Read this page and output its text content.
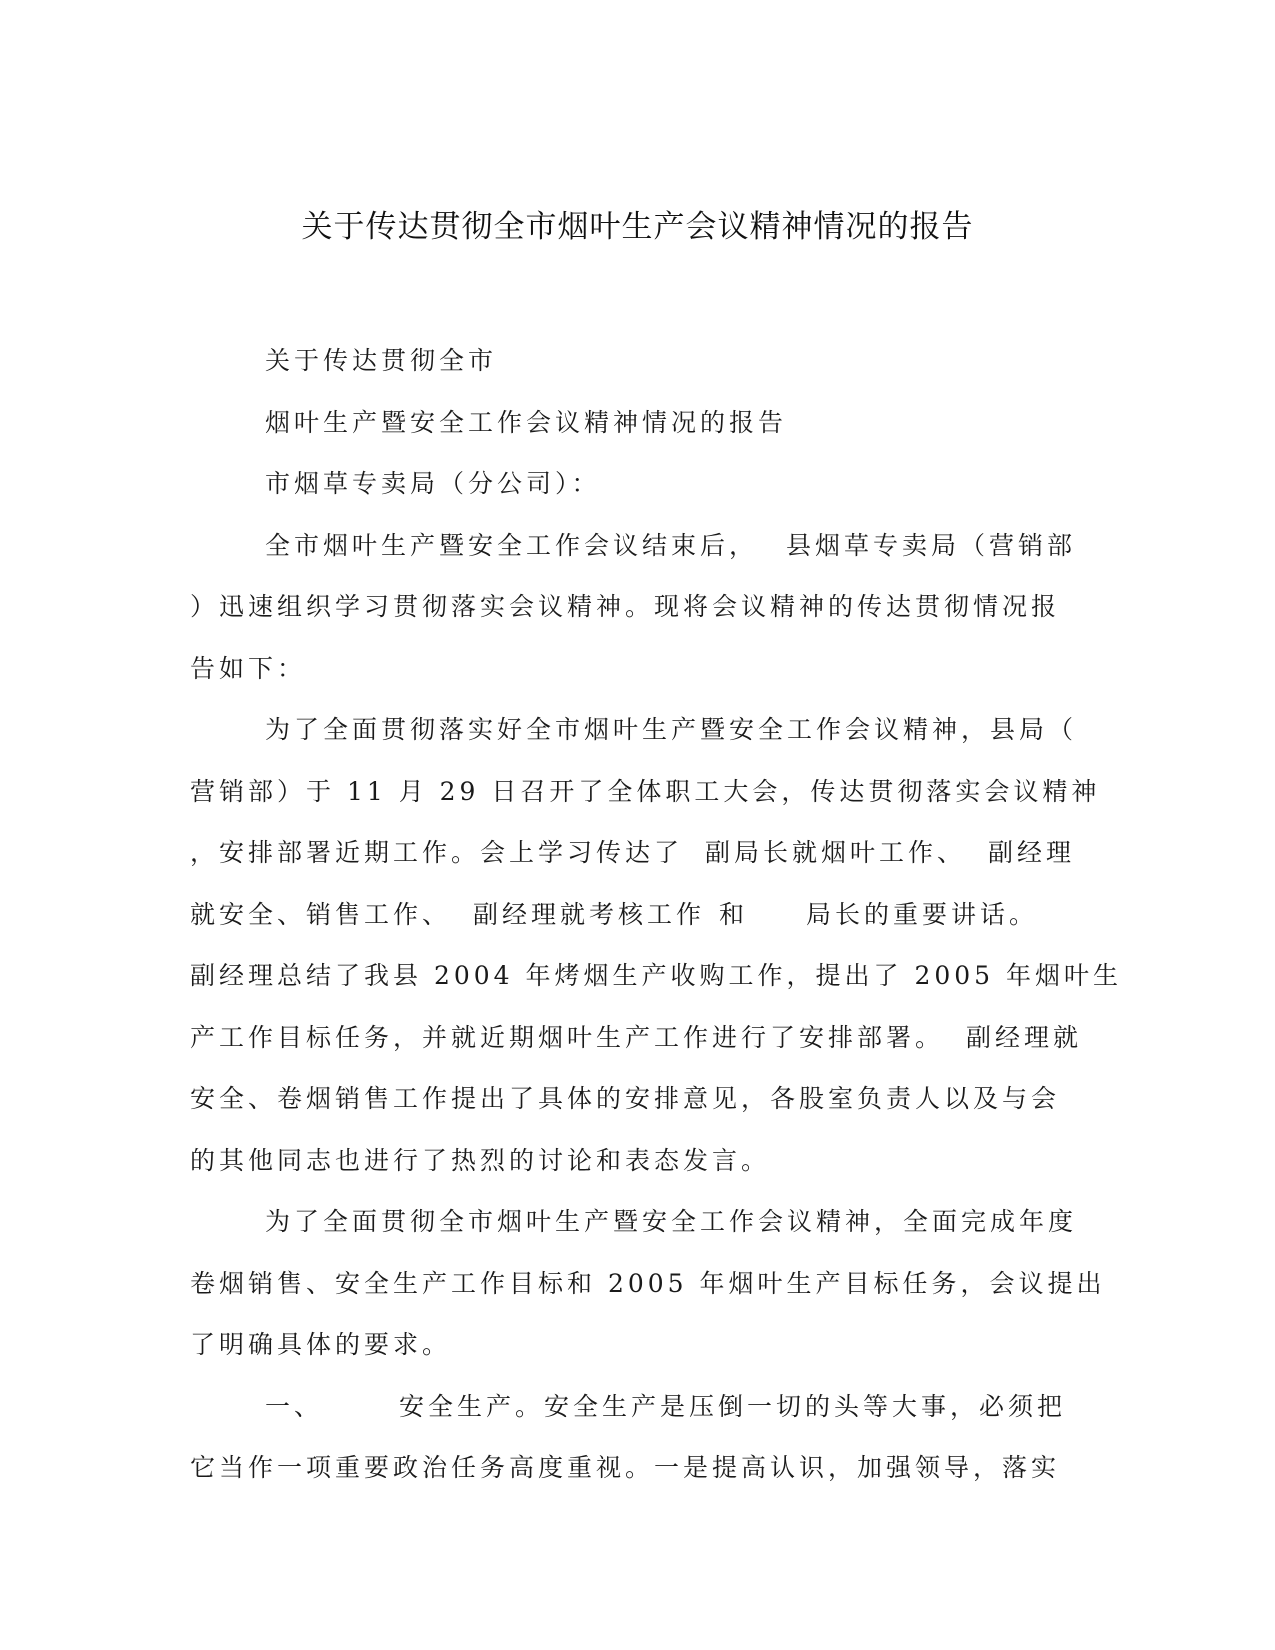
关于传达贯彻全市烟叶生产会议精神情况的报告

关于传达贯彻全市

烟叶生产暨安全工作会议精神情况的报告

市烟草专卖局（分公司）：

全市烟叶生产暨安全工作会议结束后， 县烟草专卖局（营销部

）迅速组织学习贯彻落实会议精神。现将会议精神的传达贯彻情况报

告如下：

为了全面贯彻落实好全市烟叶生产暨安全工作会议精神，县局（

营销部）于 11 月 29 日召开了全体职工大会，传达贯彻落实会议精神

，安排部署近期工作。会上学习传达了 副局长就烟叶工作、 副经理

就安全、销售工作、 副经理就考核工作 和 局长的重要讲话。

副经理总结了我县 2004 年烤烟生产收购工作，提出了 2005 年烟叶生

产工作目标任务，并就近期烟叶生产工作进行了安排部署。 副经理就

安全、卷烟销售工作提出了具体的安排意见，各股室负责人以及与会

的其他同志也进行了热烈的讨论和表态发言。

为了全面贯彻全市烟叶生产暨安全工作会议精神，全面完成年度

卷烟销售、安全生产工作目标和 2005 年烟叶生产目标任务，会议提出

了明确具体的要求。

一、	安全生产。安全生产是压倒一切的头等大事，必须把

它当作一项重要政治任务高度重视。一是提高认识，加强领导，落实
